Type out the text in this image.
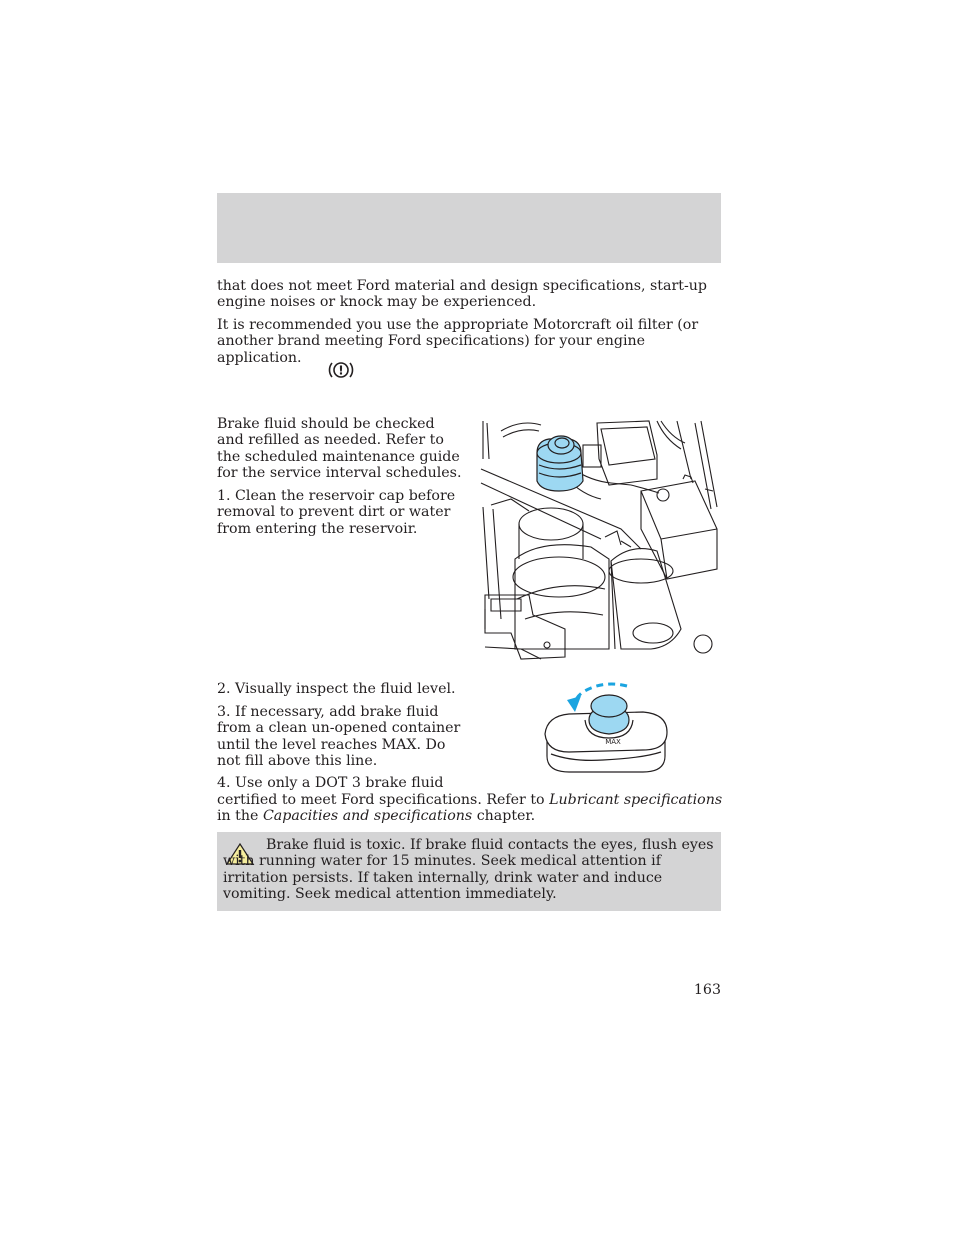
that does not meet Ford material and design specifications, start-up engine noises or knock may be experienced.
It is recommended you use the appropriate Motorcraft oil filter (or another brand meeting Ford specifications) for your engine application.
!
Brake fluid should be checked and refilled as needed. Refer to the scheduled maintenance guide for the service interval schedules.
1. Clean the reservoir cap before removal to prevent dirt or water from entering the reservoir.
2. Visually inspect the fluid level.
3. If necessary, add brake fluid from a clean un-opened container until the level reaches MAX. Do not fill above this line.
MAX
4. Use only a DOT 3 brake fluid
certified to meet Ford specifications. Refer to Lubricant specifications
in the Capacities and specifications chapter.
Brake fluid is toxic. If brake fluid contacts the eyes, flush eyes with running water for 15 minutes. Seek medical attention if irritation persists. If taken internally, drink water and induce vomiting. Seek medical attention immediately.
163
